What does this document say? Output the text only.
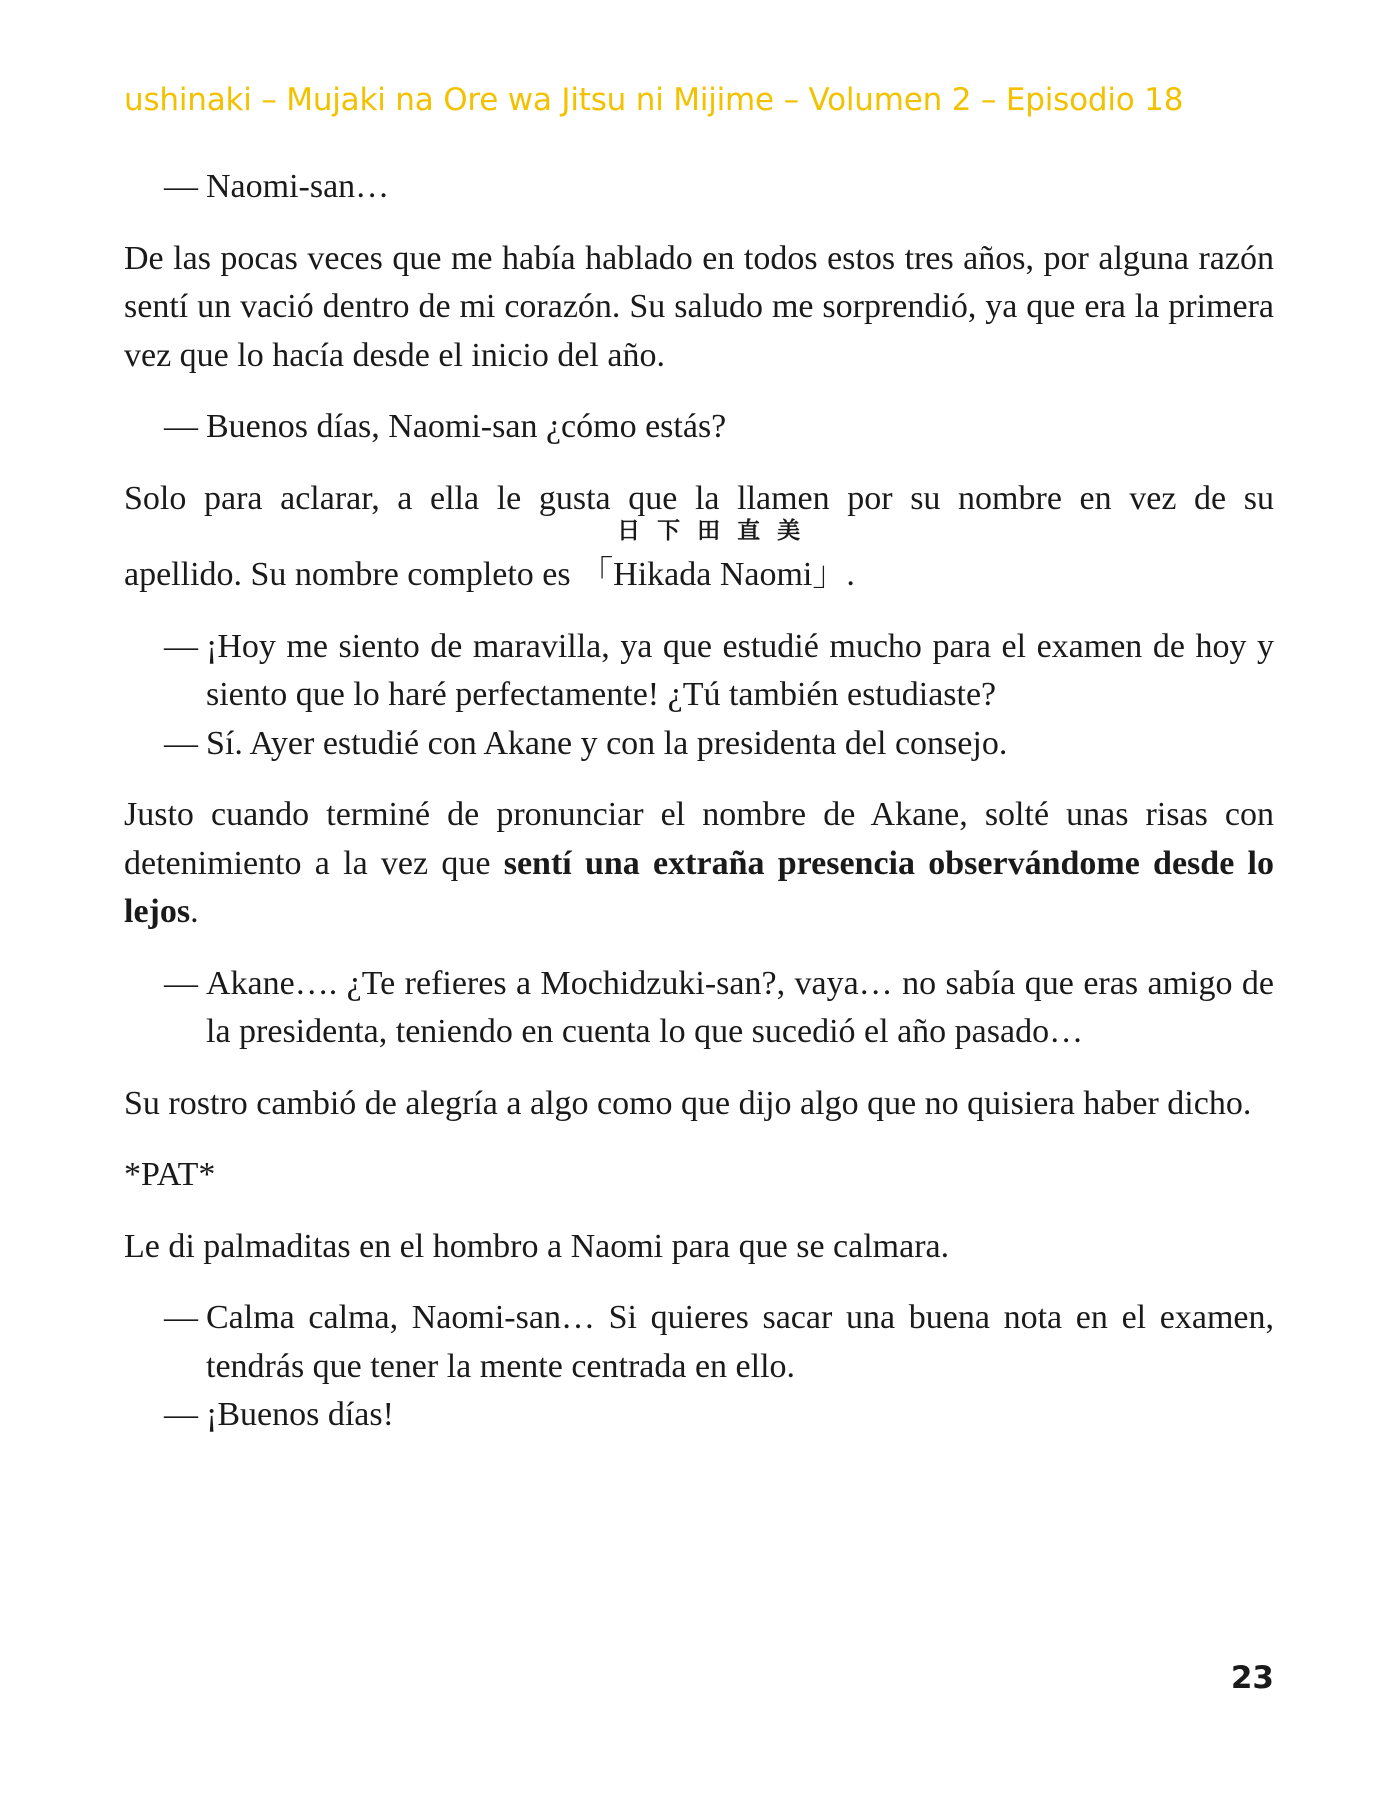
ushinaki – Mujaki na Ore wa Jitsu ni Mijime – Volumen 2 – Episodio 18

— Naomi-san…

De las pocas veces que me había hablado en todos estos tres años, por alguna razón sentí un vació dentro de mi corazón. Su saludo me sorprendió, ya que era la primera vez que lo hacía desde el inicio del año.

— Buenos días, Naomi-san ¿cómo estás?

Solo para aclarar, a ella le gusta que la llamen por su nombre en vez de su

apellido. Su nombre completo es
日下田直美
「Hikada Naomi」.

— ¡Hoy me siento de maravilla, ya que estudié mucho para el examen de hoy y siento que lo haré perfectamente! ¿Tú también estudiaste?

— Sí. Ayer estudié con Akane y con la presidenta del consejo.

Justo cuando terminé de pronunciar el nombre de Akane, solté unas risas con detenimiento a la vez que sentí una extraña presencia observándome desde lo lejos.

— Akane…. ¿Te refieres a Mochidzuki-san?, vaya… no sabía que eras amigo de la presidenta, teniendo en cuenta lo que sucedió el año pasado…

Su rostro cambió de alegría a algo como que dijo algo que no quisiera haber dicho.

*PAT*

Le di palmaditas en el hombro a Naomi para que se calmara.

— Calma calma, Naomi-san… Si quieres sacar una buena nota en el examen, tendrás que tener la mente centrada en ello.

— ¡Buenos días!

23
